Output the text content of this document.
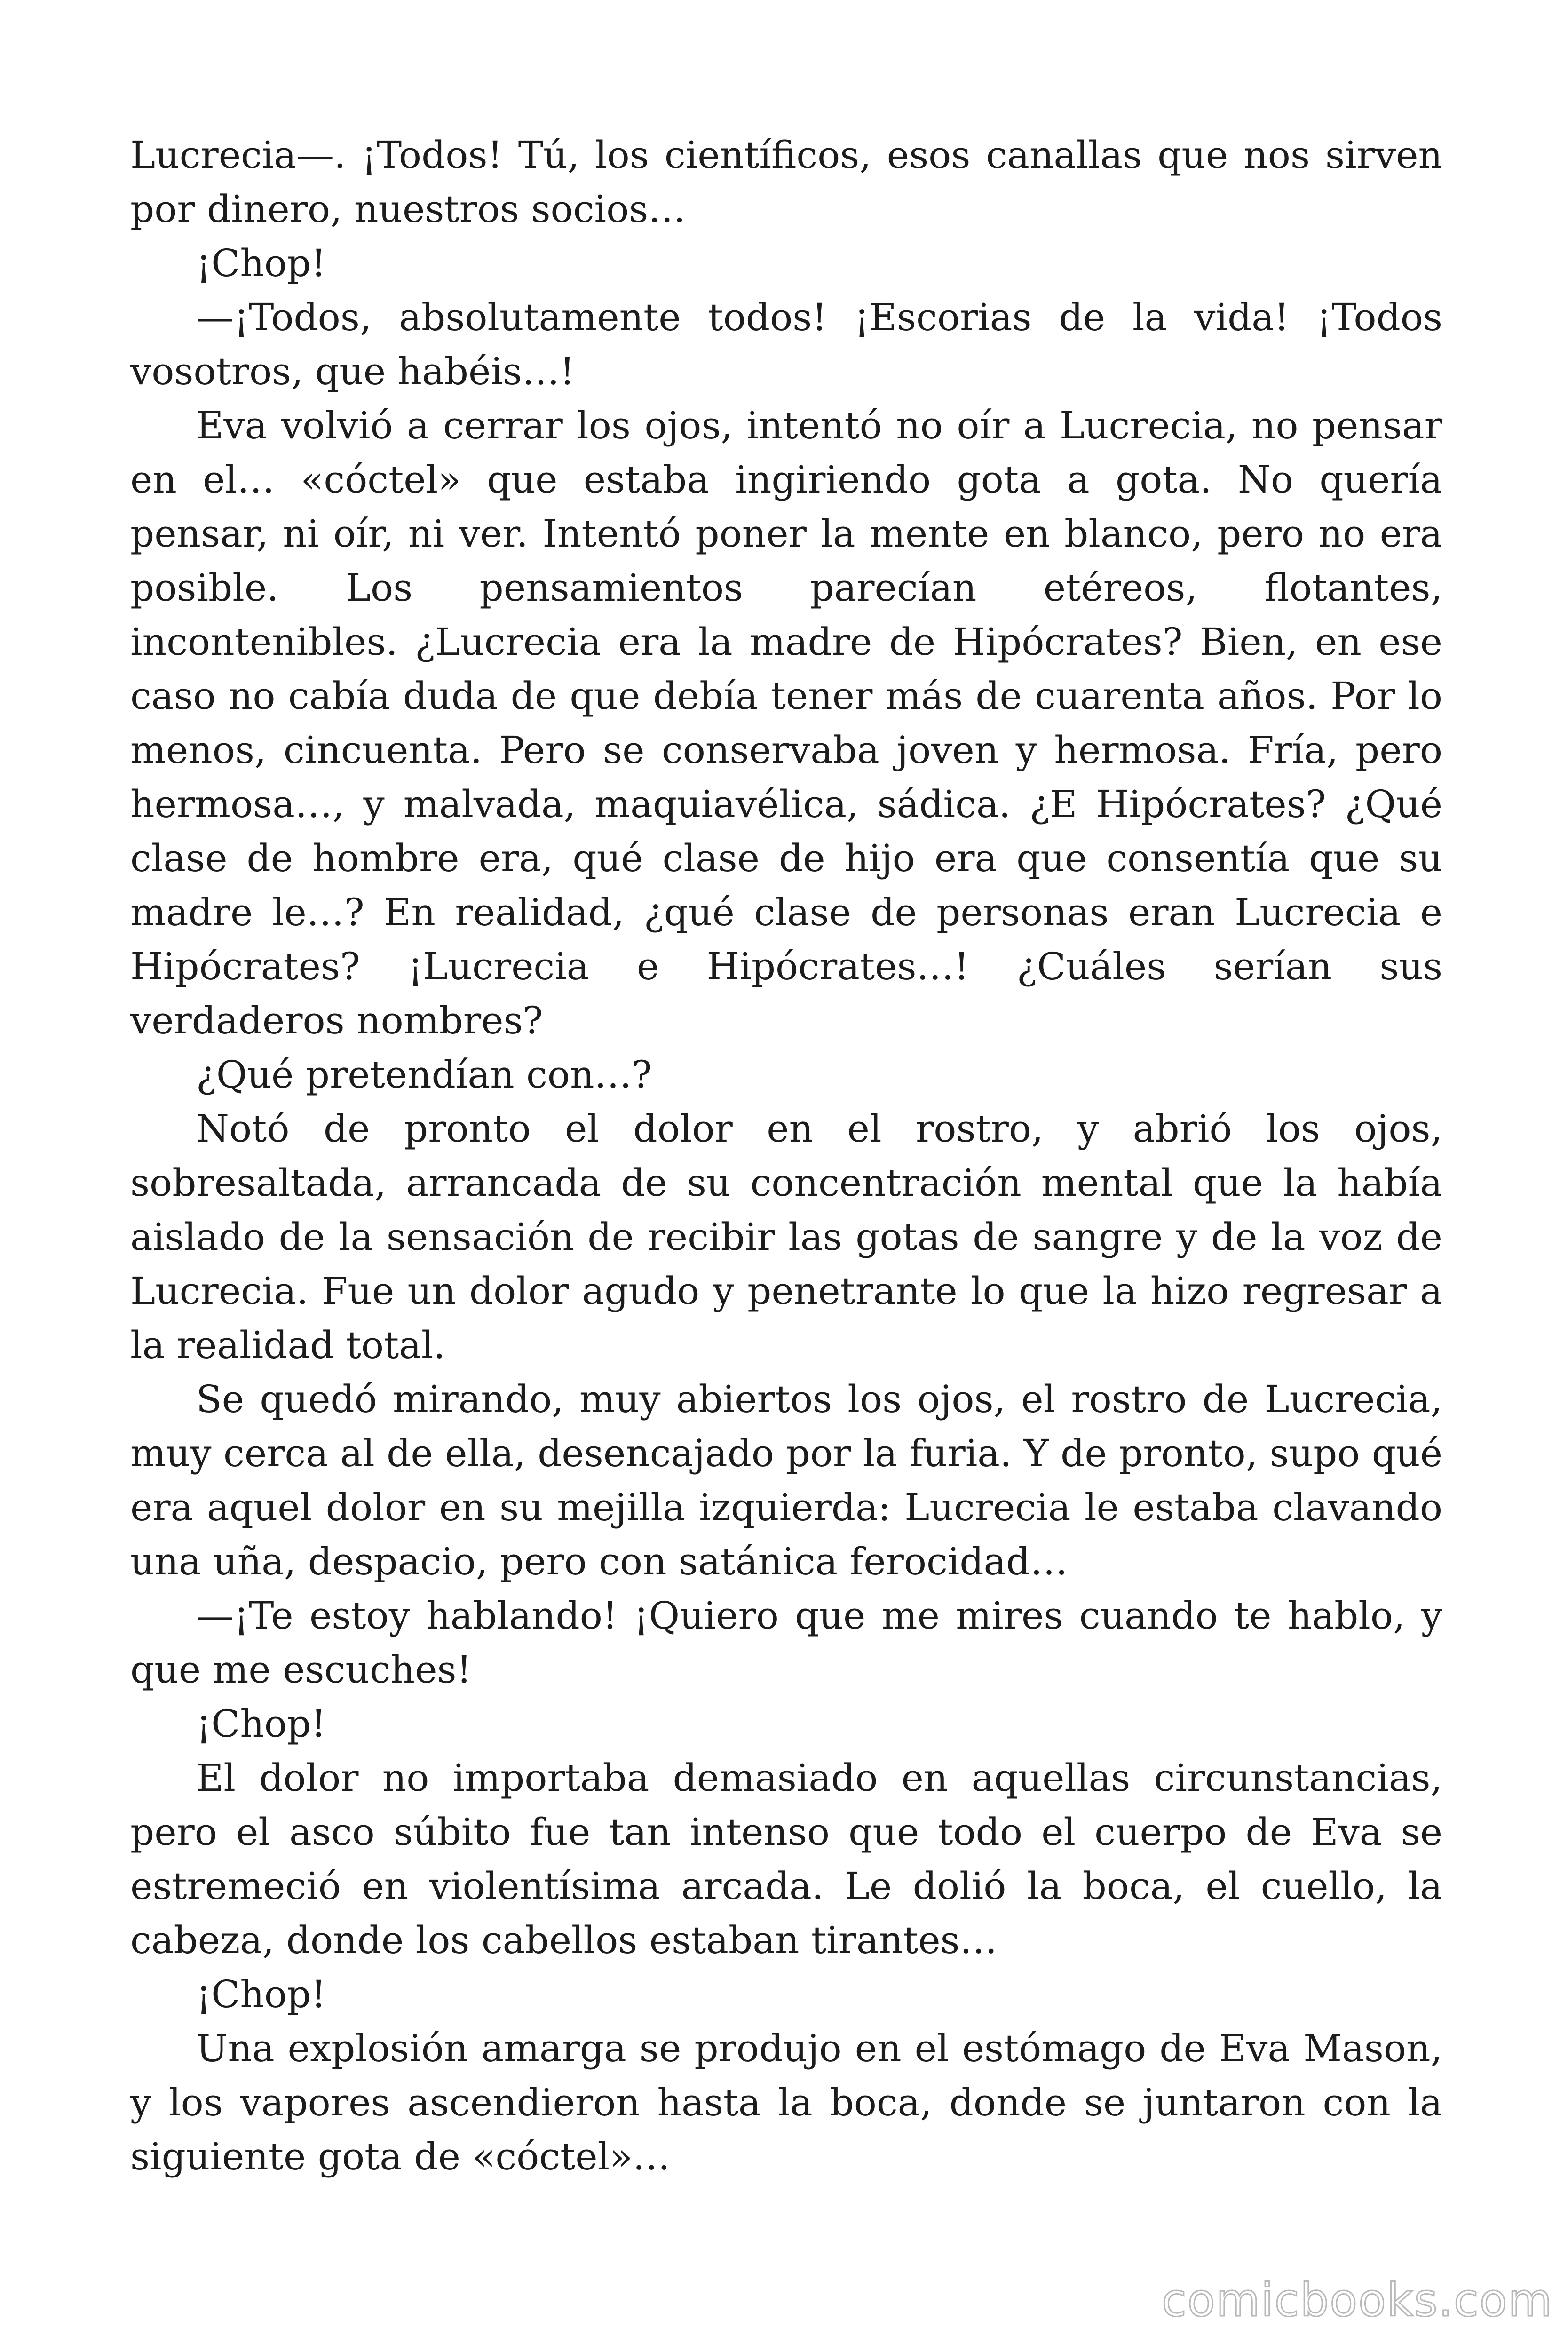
Lucrecia—. ¡Todos! Tú, los científicos, esos canallas que nos sirven por dinero, nuestros socios…

¡Chop!

—¡Todos, absolutamente todos! ¡Escorias de la vida! ¡Todos vosotros, que habéis…!

Eva volvió a cerrar los ojos, intentó no oír a Lucrecia, no pensar en el… «cóctel» que estaba ingiriendo gota a gota. No quería pensar, ni oír, ni ver. Intentó poner la mente en blanco, pero no era posible. Los pensamientos parecían etéreos, flotantes, incontenibles. ¿Lucrecia era la madre de Hipócrates? Bien, en ese caso no cabía duda de que debía tener más de cuarenta años. Por lo menos, cincuenta. Pero se conservaba joven y hermosa. Fría, pero hermosa…, y malvada, maquiavélica, sádica. ¿E Hipócrates? ¿Qué clase de hombre era, qué clase de hijo era que consentía que su madre le…? En realidad, ¿qué clase de personas eran Lucrecia e Hipócrates? ¡Lucrecia e Hipócrates…! ¿Cuáles serían sus verdaderos nombres?

¿Qué pretendían con…?

Notó de pronto el dolor en el rostro, y abrió los ojos, sobresaltada, arrancada de su concentración mental que la había aislado de la sensación de recibir las gotas de sangre y de la voz de Lucrecia. Fue un dolor agudo y penetrante lo que la hizo regresar a la realidad total.

Se quedó mirando, muy abiertos los ojos, el rostro de Lucrecia, muy cerca al de ella, desencajado por la furia. Y de pronto, supo qué era aquel dolor en su mejilla izquierda: Lucrecia le estaba clavando una uña, despacio, pero con satánica ferocidad…

—¡Te estoy hablando! ¡Quiero que me mires cuando te hablo, y que me escuches!

¡Chop!

El dolor no importaba demasiado en aquellas circunstancias, pero el asco súbito fue tan intenso que todo el cuerpo de Eva se estremeció en violentísima arcada. Le dolió la boca, el cuello, la cabeza, donde los cabellos estaban tirantes…

¡Chop!

Una explosión amarga se produjo en el estómago de Eva Mason, y los vapores ascendieron hasta la boca, donde se juntaron con la siguiente gota de «cóctel»…

comicbooks.com
